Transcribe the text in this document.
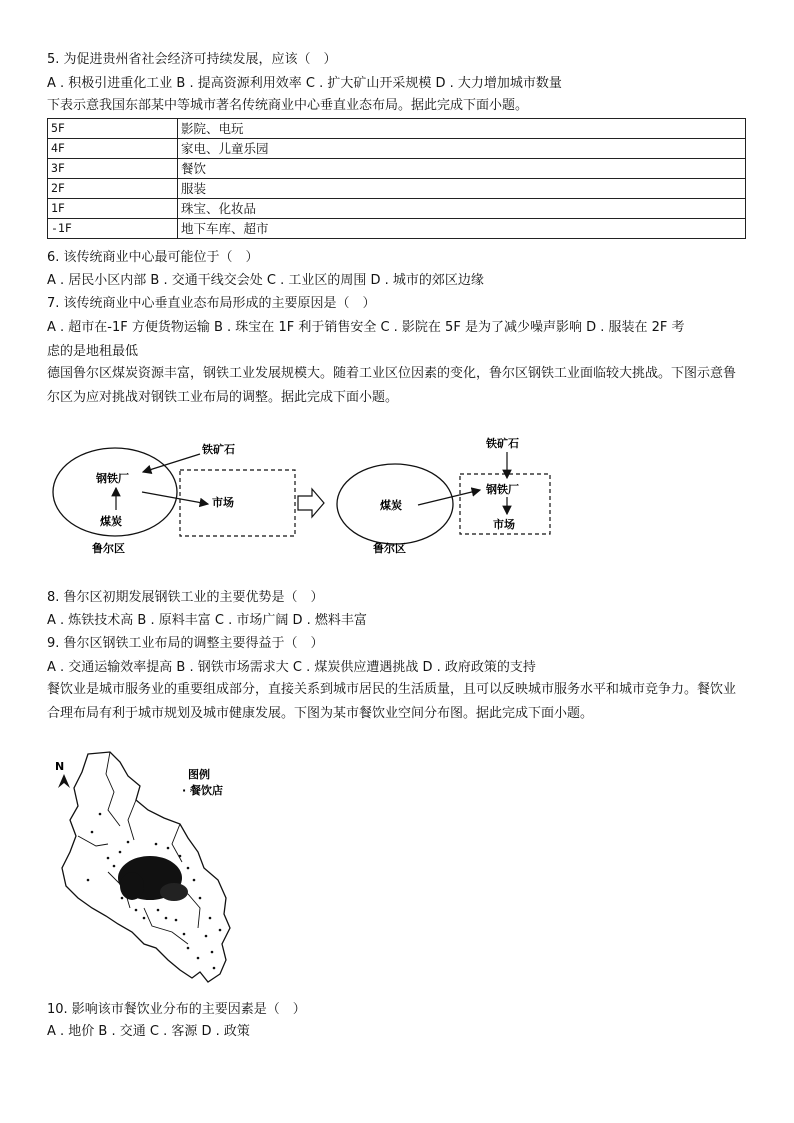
5. 为促进贵州省社会经济可持续发展，应该（　）
A . 积极引进重化工业 B . 提高资源利用效率 C . 扩大矿山开采规模 D . 大力增加城市数量
下表示意我国东部某中等城市著名传统商业中心垂直业态布局。据此完成下面小题。
5F	影院、电玩
4F	家电、儿童乐园
3F	餐饮
2F	服装
1F	珠宝、化妆品
-1F	地下车库、超市
6. 该传统商业中心最可能位于（　）
A . 居民小区内部 B . 交通干线交会处 C . 工业区的周围 D . 城市的郊区边缘
7. 该传统商业中心垂直业态布局形成的主要原因是（　）
A . 超市在-1F 方便货物运输 B . 珠宝在 1F 利于销售安全 C . 影院在 5F 是为了减少噪声影响 D . 服装在 2F 考
虑的是地租最低
德国鲁尔区煤炭资源丰富，钢铁工业发展规模大。随着工业区位因素的变化，鲁尔区钢铁工业面临较大挑战。下图示意鲁尔区为应对挑战对钢铁工业布局的调整。据此完成下面小题。
铁矿石
钢铁厂
煤炭
市场
鲁尔区
铁矿石
钢铁厂
市场
煤炭
鲁尔区
8. 鲁尔区初期发展钢铁工业的主要优势是（　）
A . 炼铁技术高 B . 原料丰富 C . 市场广阔 D . 燃料丰富
9. 鲁尔区钢铁工业布局的调整主要得益于（　）
A . 交通运输效率提高 B . 钢铁市场需求大 C . 煤炭供应遭遇挑战 D . 政府政策的支持
餐饮业是城市服务业的重要组成部分，直接关系到城市居民的生活质量，且可以反映城市服务水平和城市竞争力。餐饮业合理布局有利于城市规划及城市健康发展。下图为某市餐饮业空间分布图。据此完成下面小题。
N
图例
· 餐饮店
10. 影响该市餐饮业分布的主要因素是（　）
A . 地价 B . 交通 C . 客源 D . 政策
